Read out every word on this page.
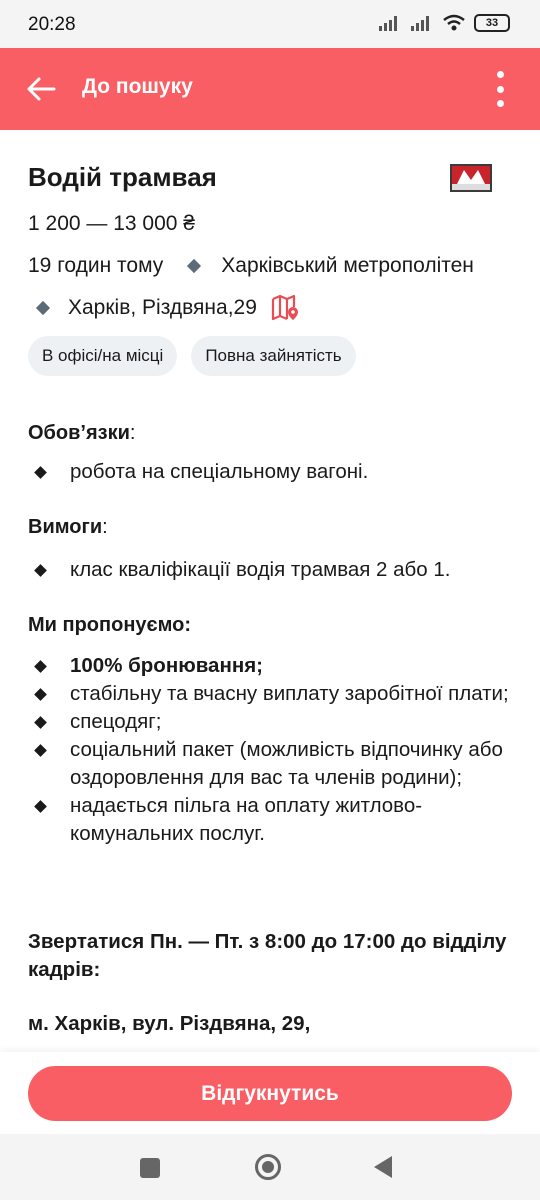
20:28	33
До пошуку
Водій трамвая
1 200 — 13 000 ₴
19 годин тому	Харківський метрополітен
Харків, Різдвяна,29
В офісі/на місці	Повна зайнятість
Обов’язки:
робота на спеціальному вагоні.
Вимоги:
клас кваліфікації водія трамвая 2 або 1.
Ми пропонуємо:
100% бронювання;
стабільну та вчасну виплату заробітної плати;
спецодяг;
соціальний пакет (можливість відпочинку або оздоровлення для вас та членів родини);
надається пільга на оплату житлово-комунальних послуг.
Звертатися Пн. — Пт. з 8:00 до 17:00 до відділу кадрів:
м. Харків, вул. Різдвяна, 29,
Відгукнутись
